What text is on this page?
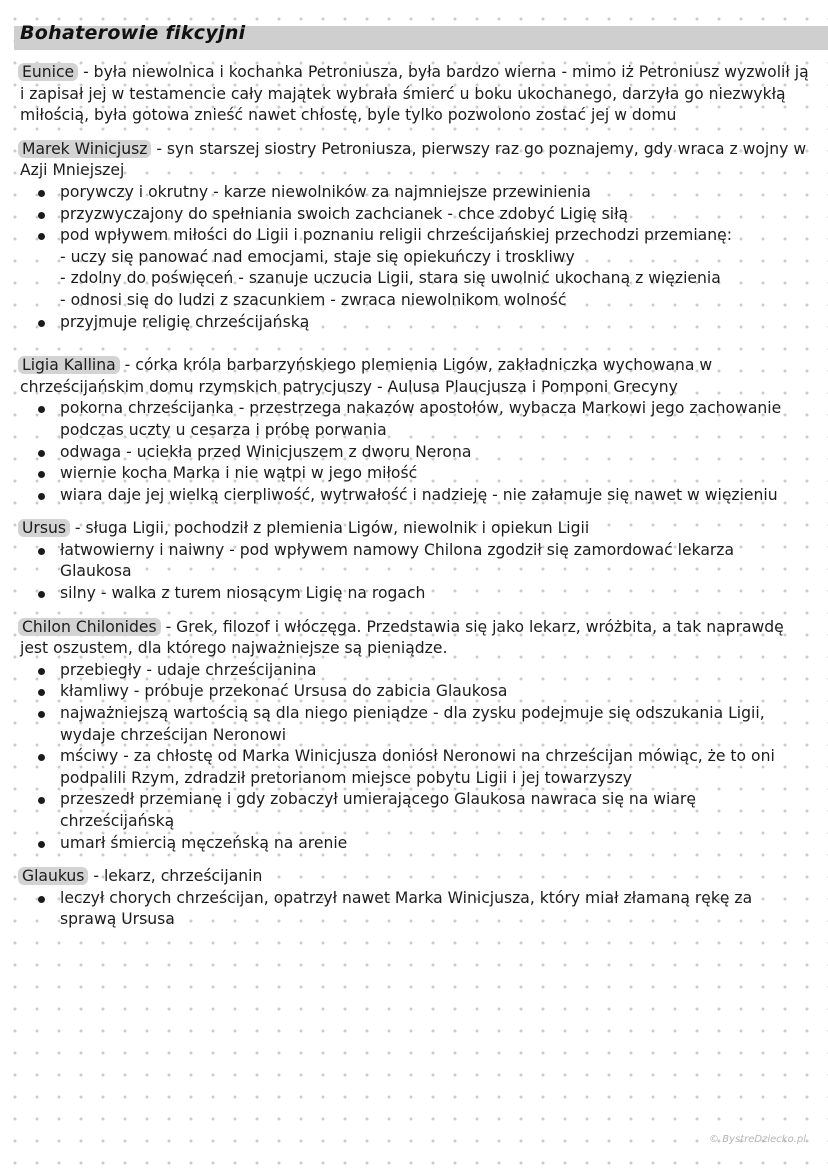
Bohaterowie fikcyjni
Eunice - była niewolnica i kochanka Petroniusza, była bardzo wierna - mimo iż Petroniusz wyzwolił ją i zapisał jej w testamencie cały majątek wybrała śmierć u boku ukochanego, darzyła go niezwykłą miłością, była gotowa znieść nawet chłostę, byle tylko pozwolono zostać jej w domu
Marek Winicjusz - syn starszej siostry Petroniusza, pierwszy raz go poznajemy, gdy wraca z wojny w Azji Mniejszej
porywczy i okrutny - karze niewolników za najmniejsze przewinienia
przyzwyczajony do spełniania swoich zachcianek - chce zdobyć Ligię siłą
pod wpływem miłości do Ligii i poznaniu religii chrześcijańskiej przechodzi przemianę:
- uczy się panować nad emocjami, staje się opiekuńczy i troskliwy
- zdolny do poświęceń - szanuje uczucia Ligii, stara się uwolnić ukochaną z więzienia
- odnosi się do ludzi z szacunkiem - zwraca niewolnikom wolność
przyjmuje religię chrześcijańską
Ligia Kallina - córka króla barbarzyńskiego plemienia Ligów, zakładniczka wychowana w chrześcijańskim domu rzymskich patrycjuszy - Aulusa Plaucjusza i Pomponi Grecyny
pokorna chrześcijanka - przestrzega nakazów apostołów, wybacza Markowi jego zachowanie podczas uczty u cesarza i próbę porwania
odwaga - uciekła przed Winicjuszem z dworu Nerona
wiernie kocha Marka i nie wątpi w jego miłość
wiara daje jej wielką cierpliwość, wytrwałość i nadzieję - nie załamuje się nawet w więzieniu
Ursus - sługa Ligii, pochodził z plemienia Ligów, niewolnik i opiekun Ligii
łatwowierny i naiwny - pod wpływem namowy Chilona zgodził się zamordować lekarza Glaukosa
silny - walka z turem niosącym Ligię na rogach
Chilon Chilonides - Grek, filozof i włóczęga. Przedstawia się jako lekarz, wróżbita, a tak naprawdę jest oszustem, dla którego najważniejsze są pieniądze.
przebiegły - udaje chrześcijanina
kłamliwy - próbuje przekonać Ursusa do zabicia Glaukosa
najważniejszą wartością są dla niego pieniądze - dla zysku podejmuje się odszukania Ligii, wydaje chrześcijan Neronowi
mściwy - za chłostę od Marka Winicjusza doniósł Neronowi na chrześcijan mówiąc, że to oni podpalili Rzym, zdradził pretorianom miejsce pobytu Ligii i jej towarzyszy
przeszedł przemianę i gdy zobaczył umierającego Glaukosa nawraca się na wiarę chrześcijańską
umarł śmiercią męczeńską na arenie
Glaukus - lekarz, chrześcijanin
leczył chorych chrześcijan, opatrzył nawet Marka Winicjusza, który miał złamaną rękę za sprawą Ursusa
© BystreDziecko.pl
